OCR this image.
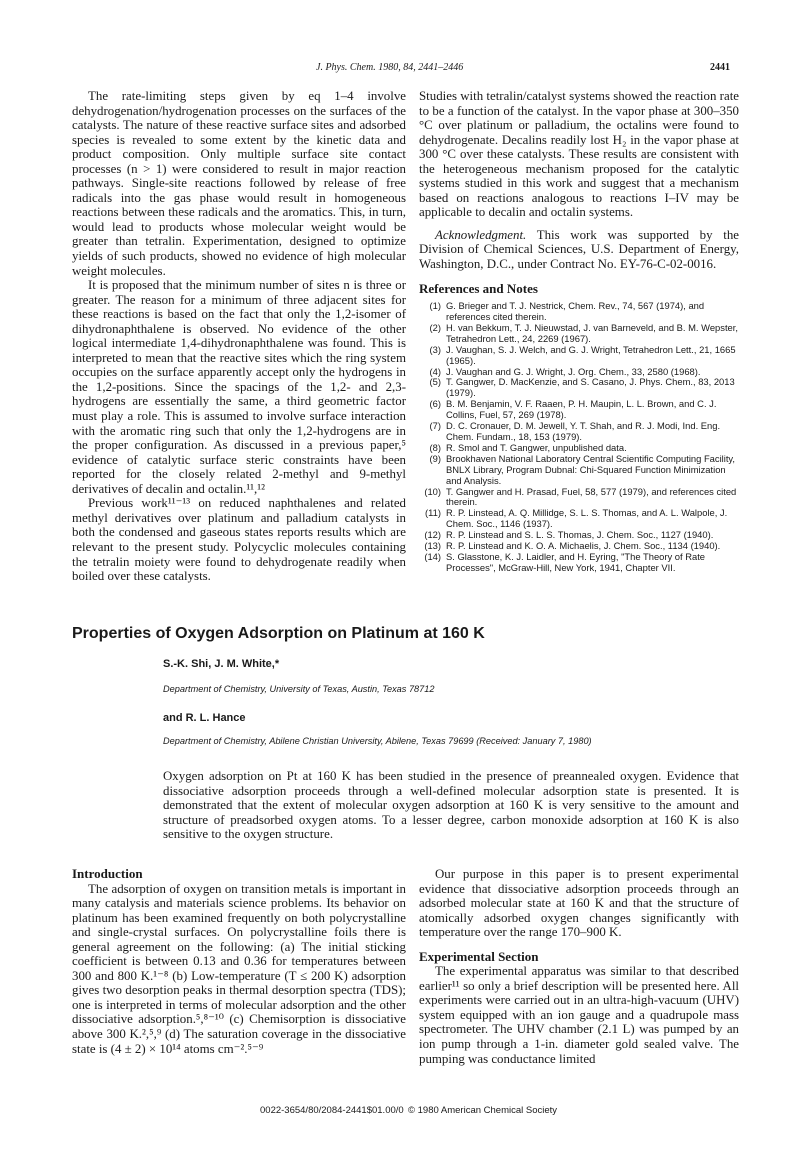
J. Phys. Chem. 1980, 84, 2441–2446	2441

The rate-limiting steps given by eq 1–4 involve dehydrogenation/hydrogenation processes on the surfaces of the catalysts. The nature of these reactive surface sites and adsorbed species is revealed to some extent by the kinetic data and product composition. Only multiple surface site contact processes (n > 1) were considered to result in major reaction pathways. Single-site reactions followed by release of free radicals into the gas phase would result in homogeneous reactions between these radicals and the aromatics. This, in turn, would lead to products whose molecular weight would be greater than tetralin. Experimentation, designed to optimize yields of such products, showed no evidence of high molecular weight molecules.

It is proposed that the minimum number of sites n is three or greater. The reason for a minimum of three adjacent sites for these reactions is based on the fact that only the 1,2-isomer of dihydronaphthalene is observed. No evidence of the other logical intermediate 1,4-dihydronaphthalene was found. This is interpreted to mean that the reactive sites which the ring system occupies on the surface apparently accept only the hydrogens in the 1,2-positions. Since the spacings of the 1,2- and 2,3-hydrogens are essentially the same, a third geometric factor must play a role. This is assumed to involve surface interaction with the aromatic ring such that only the 1,2-hydrogens are in the proper configuration. As discussed in a previous paper,⁵ evidence of catalytic surface steric constraints have been reported for the closely related 2-methyl and 9-methyl derivatives of decalin and octalin.¹¹,¹²

Previous work¹¹⁻¹³ on reduced naphthalenes and related methyl derivatives over platinum and palladium catalysts in both the condensed and gaseous states reports results which are relevant to the present study. Polycyclic molecules containing the tetralin moiety were found to dehydrogenate readily when boiled over these catalysts.

Studies with tetralin/catalyst systems showed the reaction rate to be a function of the catalyst. In the vapor phase at 300–350 °C over platinum or palladium, the octalins were found to dehydrogenate. Decalins readily lost H₂ in the vapor phase at 300 °C over these catalysts. These results are consistent with the heterogeneous mechanism proposed for the catalytic systems studied in this work and suggest that a mechanism based on reactions analogous to reactions I–IV may be applicable to decalin and octalin systems.

Acknowledgment. This work was supported by the Division of Chemical Sciences, U.S. Department of Energy, Washington, D.C., under Contract No. EY-76-C-02-0016.

References and Notes
(1) G. Brieger and T. J. Nestrick, Chem. Rev., 74, 567 (1974), and references cited therein.
(2) H. van Bekkum, T. J. Nieuwstad, J. van Barneveld, and B. M. Wepster, Tetrahedron Lett., 24, 2269 (1967).
(3) J. Vaughan, S. J. Welch, and G. J. Wright, Tetrahedron Lett., 21, 1665 (1965).
(4) J. Vaughan and G. J. Wright, J. Org. Chem., 33, 2580 (1968).
(5) T. Gangwer, D. MacKenzie, and S. Casano, J. Phys. Chem., 83, 2013 (1979).
(6) B. M. Benjamin, V. F. Raaen, P. H. Maupin, L. L. Brown, and C. J. Collins, Fuel, 57, 269 (1978).
(7) D. C. Cronauer, D. M. Jewell, Y. T. Shah, and R. J. Modi, Ind. Eng. Chem. Fundam., 18, 153 (1979).
(8) R. Smol and T. Gangwer, unpublished data.
(9) Brookhaven National Laboratory Central Scientific Computing Facility, BNLX Library, Program Dubnal: Chi-Squared Function Minimization and Analysis.
(10) T. Gangwer and H. Prasad, Fuel, 58, 577 (1979), and references cited therein.
(11) R. P. Linstead, A. Q. Millidge, S. L. S. Thomas, and A. L. Walpole, J. Chem. Soc., 1146 (1937).
(12) R. P. Linstead and S. L. S. Thomas, J. Chem. Soc., 1127 (1940).
(13) R. P. Linstead and K. O. A. Michaelis, J. Chem. Soc., 1134 (1940).
(14) S. Glasstone, K. J. Laidler, and H. Eyring, "The Theory of Rate Processes", McGraw-Hill, New York, 1941, Chapter VII.
Properties of Oxygen Adsorption on Platinum at 160 K
S.-K. Shi, J. M. White,*
Department of Chemistry, University of Texas, Austin, Texas 78712
and R. L. Hance
Department of Chemistry, Abilene Christian University, Abilene, Texas 79699 (Received: January 7, 1980)
Oxygen adsorption on Pt at 160 K has been studied in the presence of preannealed oxygen. Evidence that dissociative adsorption proceeds through a well-defined molecular adsorption state is presented. It is demonstrated that the extent of molecular oxygen adsorption at 160 K is very sensitive to the amount and structure of preadsorbed oxygen atoms. To a lesser degree, carbon monoxide adsorption at 160 K is also sensitive to the oxygen structure.
Introduction

The adsorption of oxygen on transition metals is important in many catalysis and materials science problems. Its behavior on platinum has been examined frequently on both polycrystalline and single-crystal surfaces. On polycrystalline foils there is general agreement on the following: (a) The initial sticking coefficient is between 0.13 and 0.36 for temperatures between 300 and 800 K.¹⁻⁸ (b) Low-temperature (T ≤ 200 K) adsorption gives two desorption peaks in thermal desorption spectra (TDS); one is interpreted in terms of molecular adsorption and the other dissociative adsorption.⁵,⁸⁻¹⁰ (c) Chemisorption is dissociative above 300 K.²,⁵,⁹ (d) The saturation coverage in the dissociative state is (4 ± 2) × 10¹⁴ atoms cm⁻².⁵⁻⁹

Our purpose in this paper is to present experimental evidence that dissociative adsorption proceeds through an adsorbed molecular state at 160 K and that the structure of atomically adsorbed oxygen changes significantly with temperature over the range 170–900 K.

Experimental Section

The experimental apparatus was similar to that described earlier¹¹ so only a brief description will be presented here. All experiments were carried out in an ultra-high-vacuum (UHV) system equipped with an ion gauge and a quadrupole mass spectrometer. The UHV chamber (2.1 L) was pumped by an ion pump through a 1-in. diameter gold sealed valve. The pumping was conductance limited

0022-3654/80/2084-2441$01.00/0 © 1980 American Chemical Society
